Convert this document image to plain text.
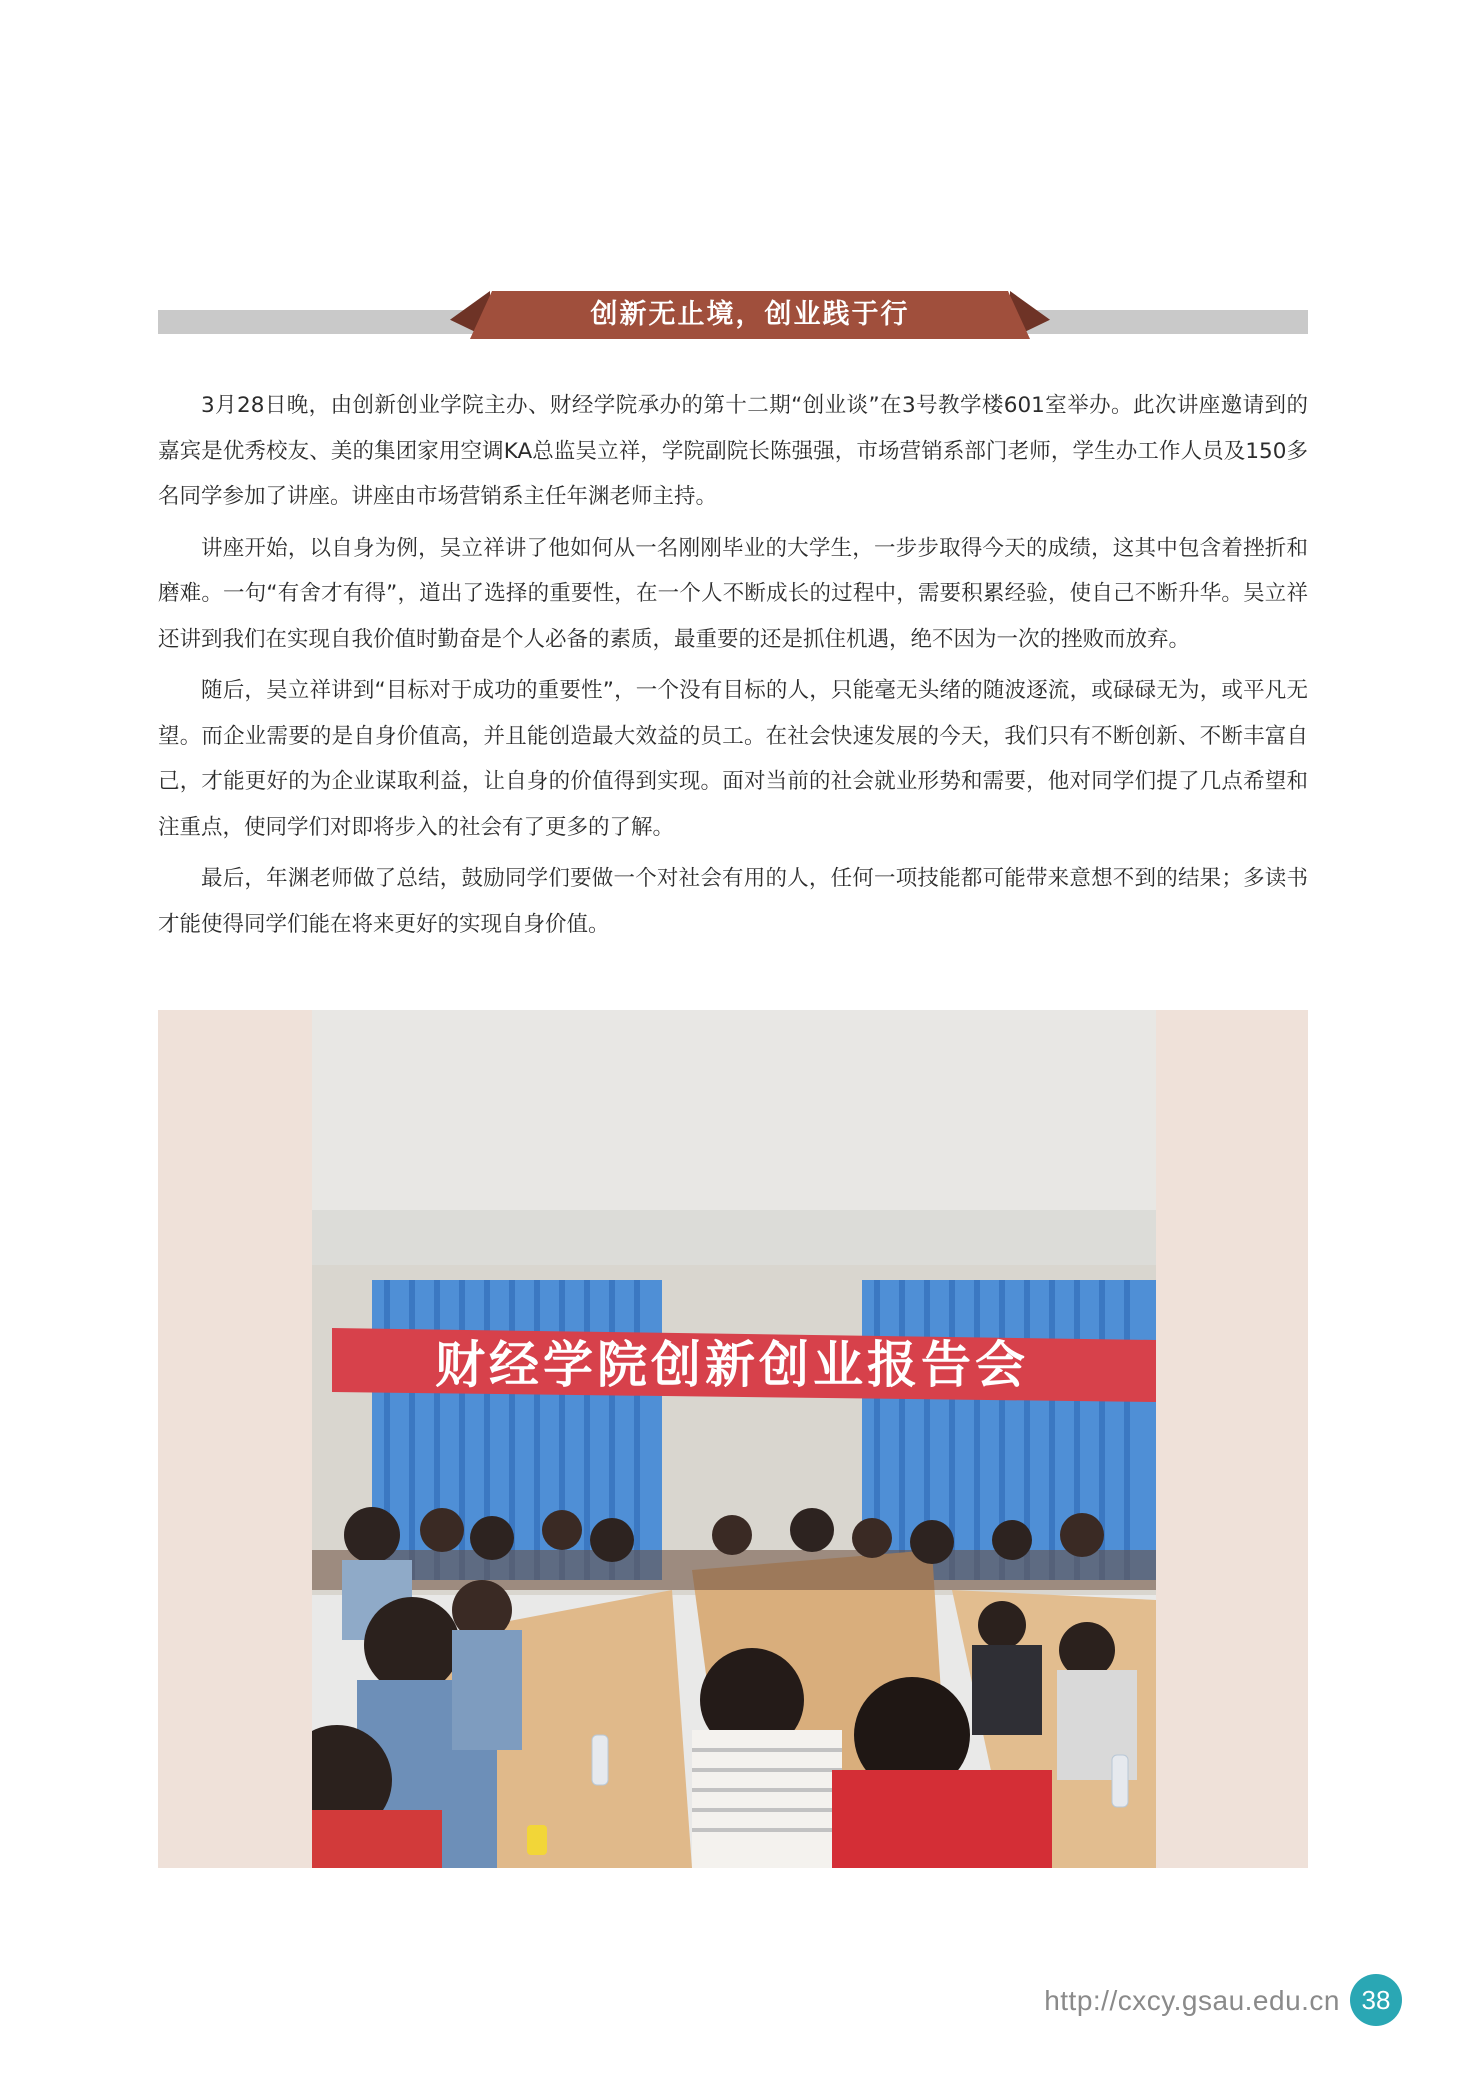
创新无止境，创业践于行

3月28日晚，由创新创业学院主办、财经学院承办的第十二期“创业谈”在3号教学楼601室举办。此次讲座邀请到的嘉宾是优秀校友、美的集团家用空调KA总监吴立祥，学院副院长陈强强，市场营销系部门老师，学生办工作人员及150多名同学参加了讲座。讲座由市场营销系主任年渊老师主持。

讲座开始，以自身为例，吴立祥讲了他如何从一名刚刚毕业的大学生，一步步取得今天的成绩，这其中包含着挫折和磨难。一句“有舍才有得”，道出了选择的重要性，在一个人不断成长的过程中，需要积累经验，使自己不断升华。吴立祥还讲到我们在实现自我价值时勤奋是个人必备的素质，最重要的还是抓住机遇，绝不因为一次的挫败而放弃。

随后，吴立祥讲到“目标对于成功的重要性”，一个没有目标的人，只能毫无头绪的随波逐流，或碌碌无为，或平凡无望。而企业需要的是自身价值高，并且能创造最大效益的员工。在社会快速发展的今天，我们只有不断创新、不断丰富自己，才能更好的为企业谋取利益，让自身的价值得到实现。面对当前的社会就业形势和需要，他对同学们提了几点希望和注重点，使同学们对即将步入的社会有了更多的了解。

最后，年渊老师做了总结，鼓励同学们要做一个对社会有用的人，任何一项技能都可能带来意想不到的结果；多读书才能使得同学们能在将来更好的实现自身价值。

财经学院创新创业报告会
http://cxcy.gsau.edu.cn 38
